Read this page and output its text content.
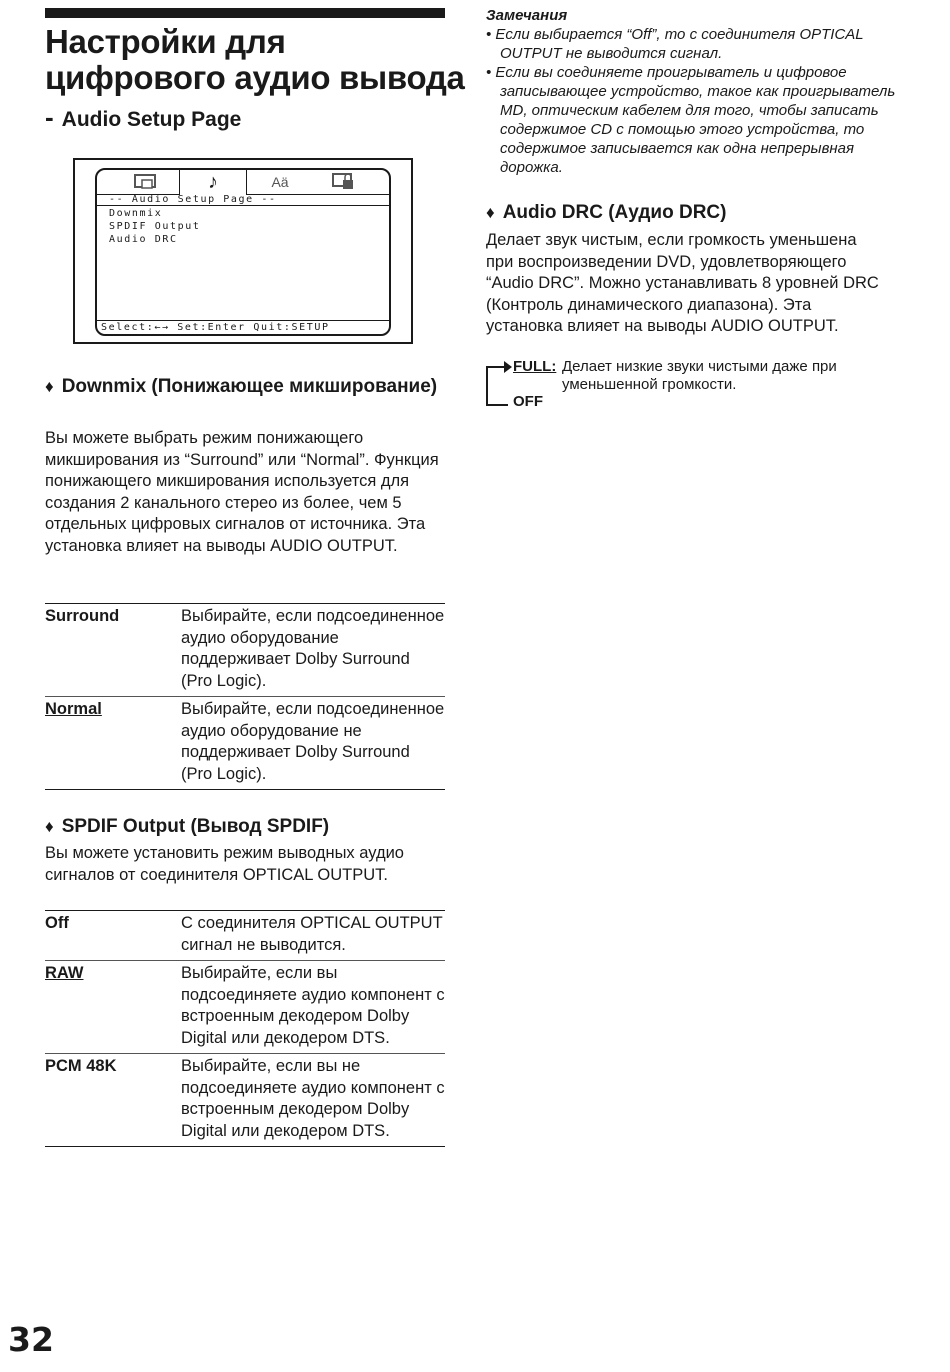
Настройки для
цифрового аудио вывода
- Audio Setup Page
♪	Aä
-- Audio Setup Page --
Downmix
SPDIF Output
Audio DRC
Select:←→ Set:Enter Quit:SETUP
♦ Downmix (Понижающее микширование)
Вы можете выбрать режим понижающего микширования из “Surround” или “Normal”. Функция понижающего микширования используется для создания 2 канального стерео из более, чем 5 отдельных цифровых сигналов от источника. Эта установка влияет на выводы AUDIO OUTPUT.
Surround	Выбирайте, если подсоединенное аудио оборудование поддерживает Dolby Surround (Pro Logic).
Normal	Выбирайте, если подсоединенное аудио оборудование не поддерживает Dolby Surround (Pro Logic).
♦ SPDIF Output (Вывод SPDIF)
Вы можете установить режим выводных аудио сигналов от соединителя OPTICAL OUTPUT.
Off	С соединителя OPTICAL OUTPUT сигнал не выводится.
RAW	Выбирайте, если вы подсоединяете аудио компонент с встроенным декодером Dolby Digital или декодером DTS.
PCM 48K	Выбирайте, если вы не подсоединяете аудио компонент с встроенным декодером Dolby Digital или декодером DTS.
Замечания
• Если выбирается “Off”, то с соединителя OPTICAL OUTPUT не выводится сигнал.
• Если вы соединяете проигрыватель и цифровое записывающее устройство, такое как проигрыватель MD, оптическим кабелем для того, чтобы записать содержимое CD с помощью этого устройства, то содержимое записывается как одна непрерывная дорожка.
♦ Audio DRC (Аудио DRC)
Делает звук чистым, если громкость уменьшена при воспроизведении DVD, удовлетворяющего “Audio DRC”. Можно устанавливать 8 уровней DRC (Контроль динамического диапазона). Эта установка влияет на выводы AUDIO OUTPUT.
FULL: Делает низкие звуки чистыми даже при уменьшенной громкости.
OFF
32
